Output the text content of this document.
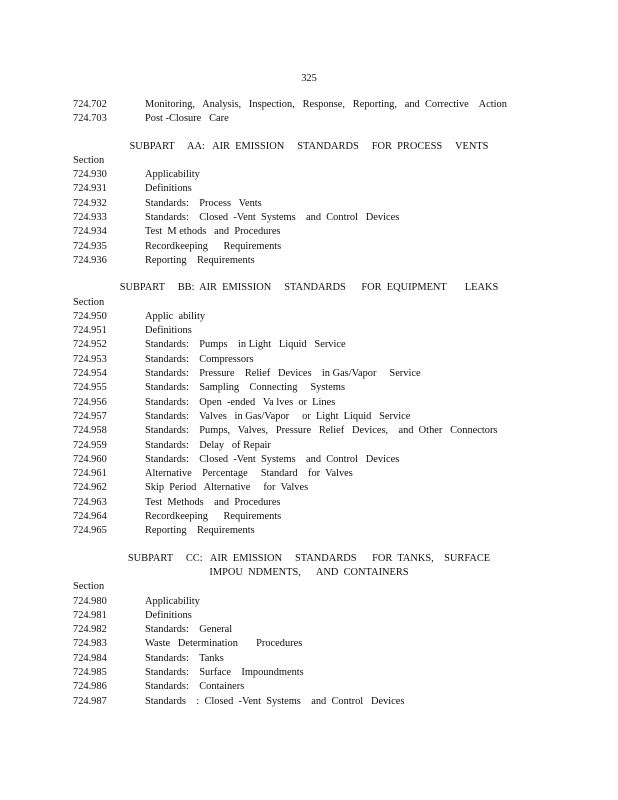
325
724.702	Monitoring,   Analysis,   Inspection,   Response,   Reporting,   and  Corrective    Action
724.703	Post -Closure   Care
SUBPART     AA:   AIR  EMISSION     STANDARDS     FOR  PROCESS     VENTS
Section
724.930	Applicability
724.931	Definitions
724.932	Standards:    Process   Vents
724.933	Standards:    Closed  -Vent  Systems    and  Control   Devices
724.934	Test  M ethods   and  Procedures
724.935	Recordkeeping      Requirements
724.936	Reporting    Requirements
SUBPART     BB:  AIR  EMISSION     STANDARDS      FOR  EQUIPMENT       LEAKS
Section
724.950	Applic  ability
724.951	Definitions
724.952	Standards:    Pumps    in Light   Liquid   Service
724.953	Standards:    Compressors
724.954	Standards:    Pressure    Relief   Devices    in Gas/Vapor     Service
724.955	Standards:    Sampling    Connecting     Systems
724.956	Standards:    Open  -ended   Va lves  or  Lines
724.957	Standards:    Valves   in Gas/Vapor     or  Light  Liquid   Service
724.958	Standards:    Pumps,   Valves,   Pressure   Relief   Devices,    and  Other   Connectors
724.959	Standards:    Delay   of Repair
724.960	Standards:    Closed  -Vent  Systems    and  Control   Devices
724.961	Alternative    Percentage     Standard    for  Valves
724.962	Skip  Period   Alternative     for  Valves
724.963	Test  Methods    and  Procedures
724.964	Recordkeeping      Requirements
724.965	Reporting    Requirements
SUBPART     CC:   AIR  EMISSION     STANDARDS      FOR  TANKS,    SURFACE
IMPOU  NDMENTS,      AND  CONTAINERS
Section
724.980	Applicability
724.981	Definitions
724.982	Standards:    General
724.983	Waste   Determination       Procedures
724.984	Standards:    Tanks
724.985	Standards:    Surface    Impoundments
724.986	Standards:    Containers
724.987	Standards    :  Closed  -Vent  Systems    and  Control   Devices
